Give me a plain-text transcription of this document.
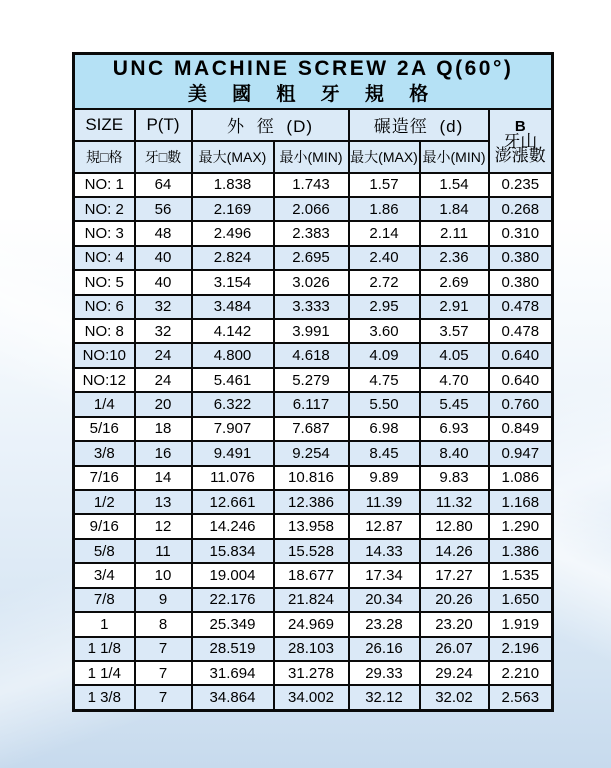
UNC MACHINE SCREW 2A Q(60°)
美 國 粗 牙 規 格						

SIZE	P(T)	外 徑 (D)		碾造徑 (d)		B
牙山
澎漲數

規□格	牙□數	最大(MAX)	最小(MIN)	最大(MAX)	最小(MIN)	
NO: 1	64	1.838	1.743	1.57	1.54	0.235
NO: 2	56	2.169	2.066	1.86	1.84	0.268
NO: 3	48	2.496	2.383	2.14	2.11	0.310
NO: 4	40	2.824	2.695	2.40	2.36	0.380
NO: 5	40	3.154	3.026	2.72	2.69	0.380
NO: 6	32	3.484	3.333	2.95	2.91	0.478
NO: 8	32	4.142	3.991	3.60	3.57	0.478
NO:10	24	4.800	4.618	4.09	4.05	0.640
NO:12	24	5.461	5.279	4.75	4.70	0.640
1/4	20	6.322	6.117	5.50	5.45	0.760
5/16	18	7.907	7.687	6.98	6.93	0.849
3/8	16	9.491	9.254	8.45	8.40	0.947
7/16	14	11.076	10.816	9.89	9.83	1.086
1/2	13	12.661	12.386	11.39	11.32	1.168
9/16	12	14.246	13.958	12.87	12.80	1.290
5/8	11	15.834	15.528	14.33	14.26	1.386
3/4	10	19.004	18.677	17.34	17.27	1.535
7/8	9	22.176	21.824	20.34	20.26	1.650
1	8	25.349	24.969	23.28	23.20	1.919
1 1/8	7	28.519	28.103	26.16	26.07	2.196
1 1/4	7	31.694	31.278	29.33	29.24	2.210
1 3/8	7	34.864	34.002	32.12	32.02	2.563
